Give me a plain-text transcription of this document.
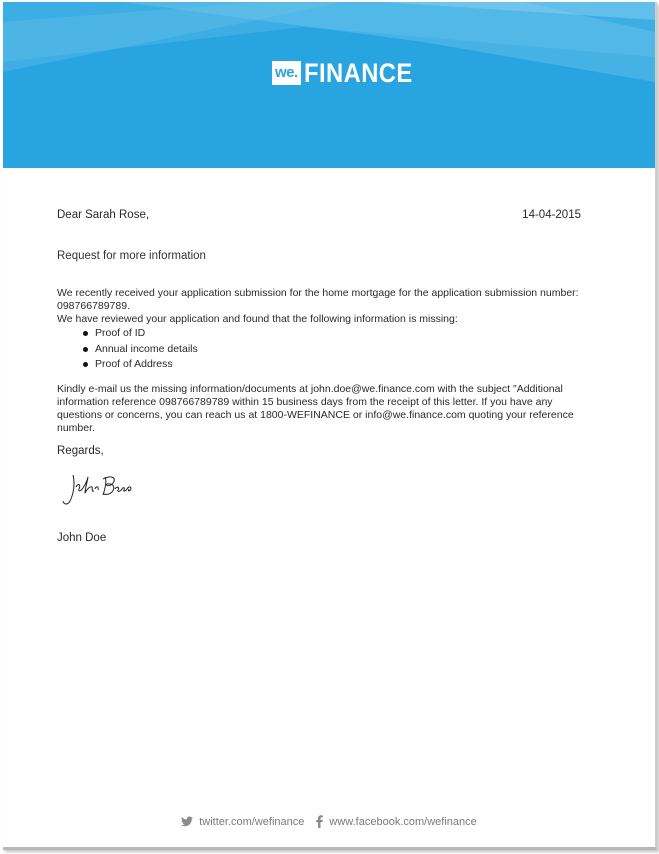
we. FINANCE
Dear Sarah Rose,	14-04-2015
Request for more information
We recently received your application submission for the home mortgage for the application submission number: 098766789789.
We have reviewed your application and found that the following information is missing:
Proof of ID
Annual income details
Proof of Address
Kindly e-mail us the missing information/documents at john.doe@we.finance.com with the subject "Additional information reference 098766789789 within 15 business days from the receipt of this letter. If you have any questions or concerns, you can reach us at 1800-WEFINANCE or info@we.finance.com quoting your reference number.
Regards,
John Doe
twitter.com/wefinance www.facebook.com/wefinance
